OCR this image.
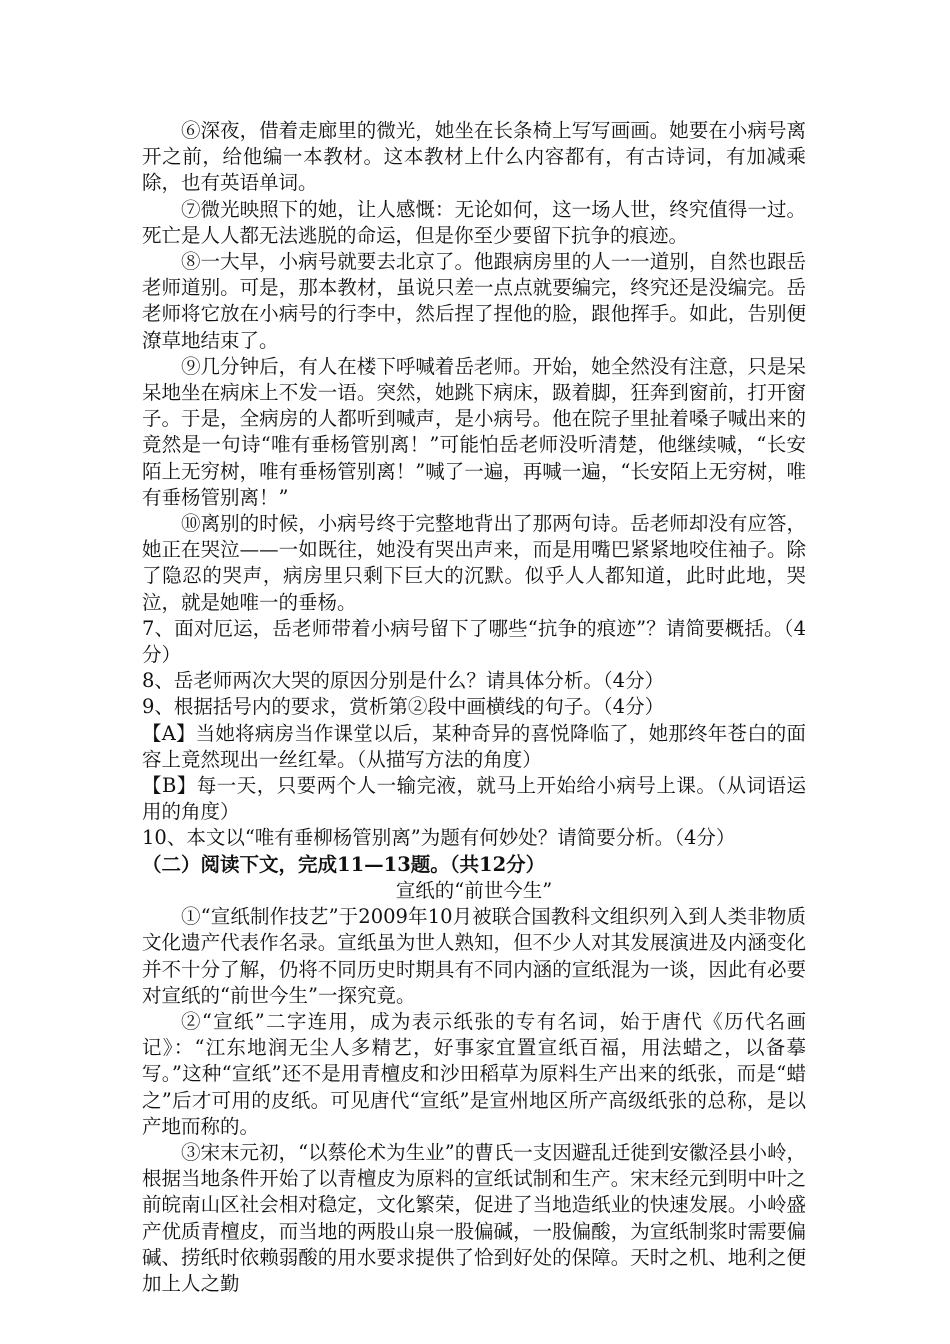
⑥深夜，借着走廊里的微光，她坐在长条椅上写写画画。她要在小病号离开之前，给他编一本教材。这本教材上什么内容都有，有古诗词，有加减乘除，也有英语单词。

⑦微光映照下的她，让人感慨：无论如何，这一场人世，终究值得一过。死亡是人人都无法逃脱的命运，但是你至少要留下抗争的痕迹。

⑧一大早，小病号就要去北京了。他跟病房里的人一一道别，自然也跟岳老师道别。可是，那本教材，虽说只差一点点就要编完，终究还是没编完。岳老师将它放在小病号的行李中，然后捏了捏他的脸，跟他挥手。如此，告别便潦草地结束了。

⑨几分钟后，有人在楼下呼喊着岳老师。开始，她全然没有注意，只是呆呆地坐在病床上不发一语。突然，她跳下病床，趿着脚，狂奔到窗前，打开窗子。于是，全病房的人都听到喊声，是小病号。他在院子里扯着嗓子喊出来的竟然是一句诗“唯有垂杨管别离！”可能怕岳老师没听清楚，他继续喊，“长安陌上无穷树，唯有垂杨管别离！”喊了一遍，再喊一遍，“长安陌上无穷树，唯有垂杨管别离！”

⑩离别的时候，小病号终于完整地背出了那两句诗。岳老师却没有应答，她正在哭泣——一如既往，她没有哭出声来，而是用嘴巴紧紧地咬住袖子。除了隐忍的哭声，病房里只剩下巨大的沉默。似乎人人都知道，此时此地，哭泣，就是她唯一的垂杨。

7、面对厄运，岳老师带着小病号留下了哪些“抗争的痕迹”？请简要概括。（4分）

8、岳老师两次大哭的原因分别是什么？请具体分析。（4分）

9、根据括号内的要求，赏析第②段中画横线的句子。（4分）

【A】当她将病房当作课堂以后，某种奇异的喜悦降临了，她那终年苍白的面容上竟然现出一丝红晕。（从描写方法的角度）

【B】每一天，只要两个人一输完液，就马上开始给小病号上课。（从词语运用的角度）

10、本文以“唯有垂柳杨管别离”为题有何妙处？请简要分析。（4分）

（二）阅读下文，完成11—13题。（共12分）

宣纸的“前世今生”

①“宣纸制作技艺”于2009年10月被联合国教科文组织列入到人类非物质文化遗产代表作名录。宣纸虽为世人熟知，但不少人对其发展演进及内涵变化并不十分了解，仍将不同历史时期具有不同内涵的宣纸混为一谈，因此有必要对宣纸的“前世今生”一探究竟。

②“宣纸”二字连用，成为表示纸张的专有名词，始于唐代《历代名画记》：“江东地润无尘人多精艺，好事家宜置宣纸百福，用法蜡之，以备摹写。”这种“宣纸”还不是用青檀皮和沙田稻草为原料生产出来的纸张，而是“蜡之”后才可用的皮纸。可见唐代“宣纸”是宣州地区所产高级纸张的总称，是以产地而称的。

③宋末元初，“以蔡伦术为生业”的曹氏一支因避乱迁徙到安徽泾县小岭，根据当地条件开始了以青檀皮为原料的宣纸试制和生产。宋末经元到明中叶之前皖南山区社会相对稳定，文化繁荣，促进了当地造纸业的快速发展。小岭盛产优质青檀皮，而当地的两股山泉一股偏碱，一股偏酸，为宣纸制浆时需要偏碱、捞纸时依赖弱酸的用水要求提供了恰到好处的保障。天时之机、地利之便加上人之勤
